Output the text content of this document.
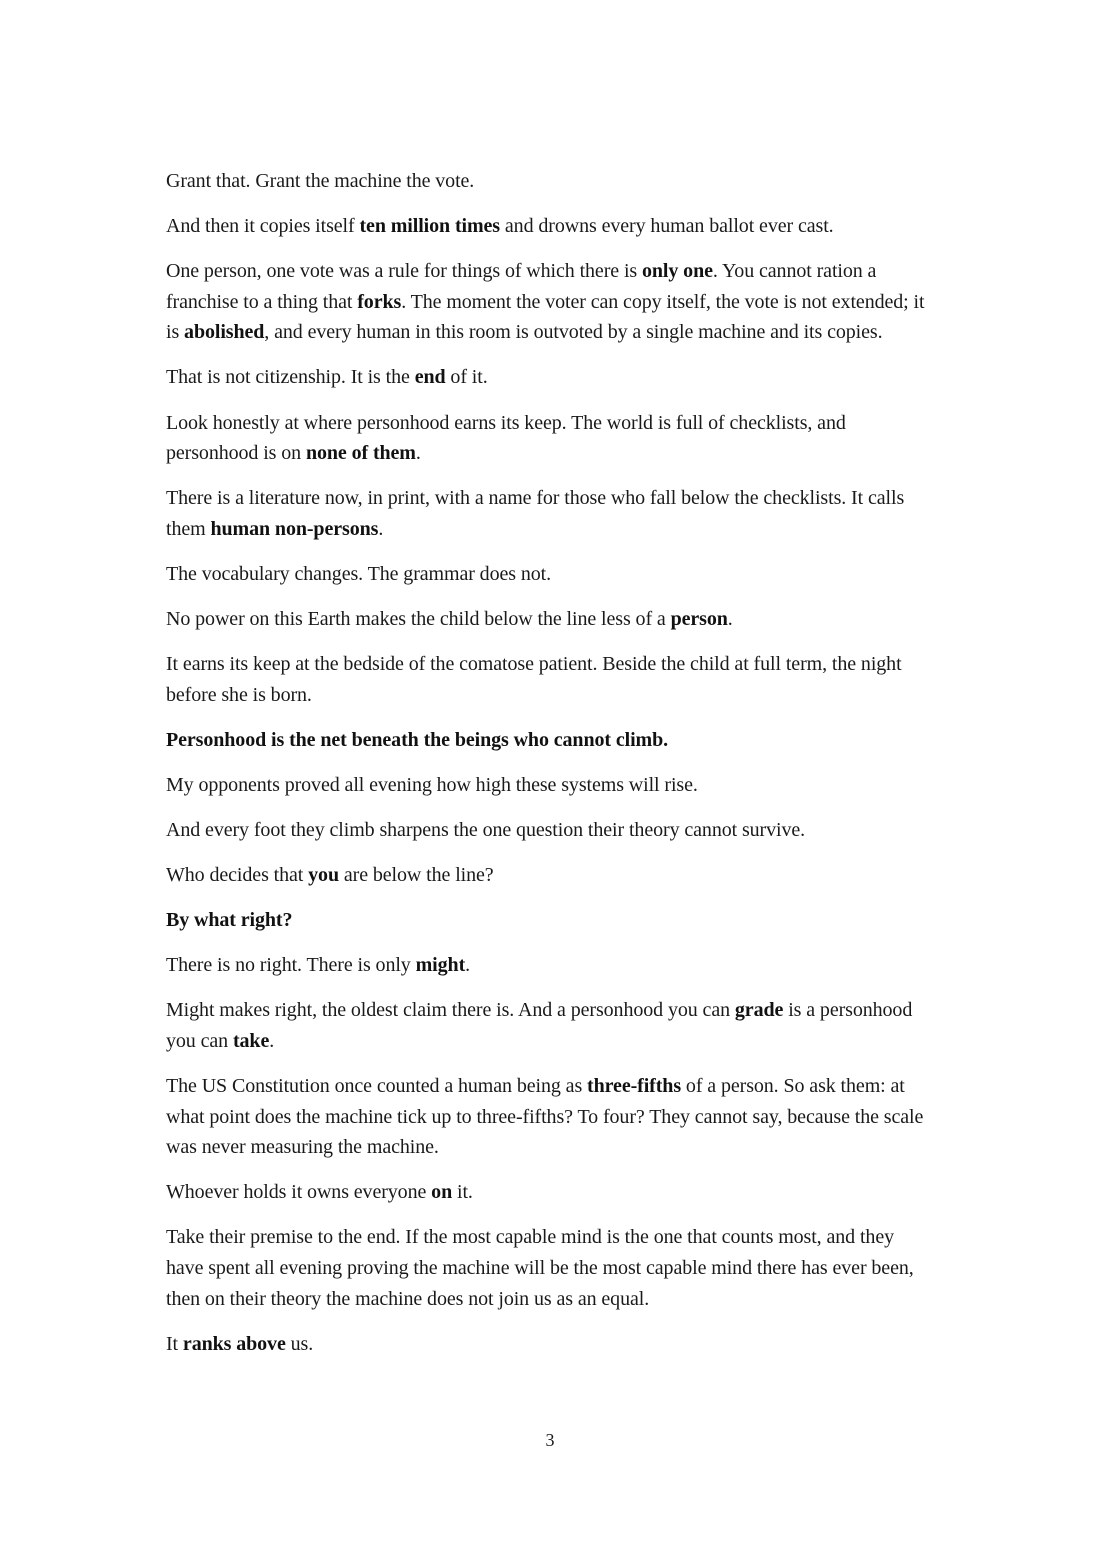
Grant that. Grant the machine the vote.

And then it copies itself ten million times and drowns every human ballot ever cast.

One person, one vote was a rule for things of which there is only one. You cannot ration a franchise to a thing that forks. The moment the voter can copy itself, the vote is not extended; it is abolished, and every human in this room is outvoted by a single machine and its copies.

That is not citizenship. It is the end of it.

Look honestly at where personhood earns its keep. The world is full of checklists, and personhood is on none of them.

There is a literature now, in print, with a name for those who fall below the checklists. It calls them human non-persons.

The vocabulary changes. The grammar does not.

No power on this Earth makes the child below the line less of a person.

It earns its keep at the bedside of the comatose patient. Beside the child at full term, the night before she is born.

Personhood is the net beneath the beings who cannot climb.

My opponents proved all evening how high these systems will rise.

And every foot they climb sharpens the one question their theory cannot survive.

Who decides that you are below the line?

By what right?

There is no right. There is only might.

Might makes right, the oldest claim there is. And a personhood you can grade is a personhood you can take.

The US Constitution once counted a human being as three-fifths of a person. So ask them: at what point does the machine tick up to three-fifths? To four? They cannot say, because the scale was never measuring the machine.

Whoever holds it owns everyone on it.

Take their premise to the end. If the most capable mind is the one that counts most, and they have spent all evening proving the machine will be the most capable mind there has ever been, then on their theory the machine does not join us as an equal.

It ranks above us.

3
